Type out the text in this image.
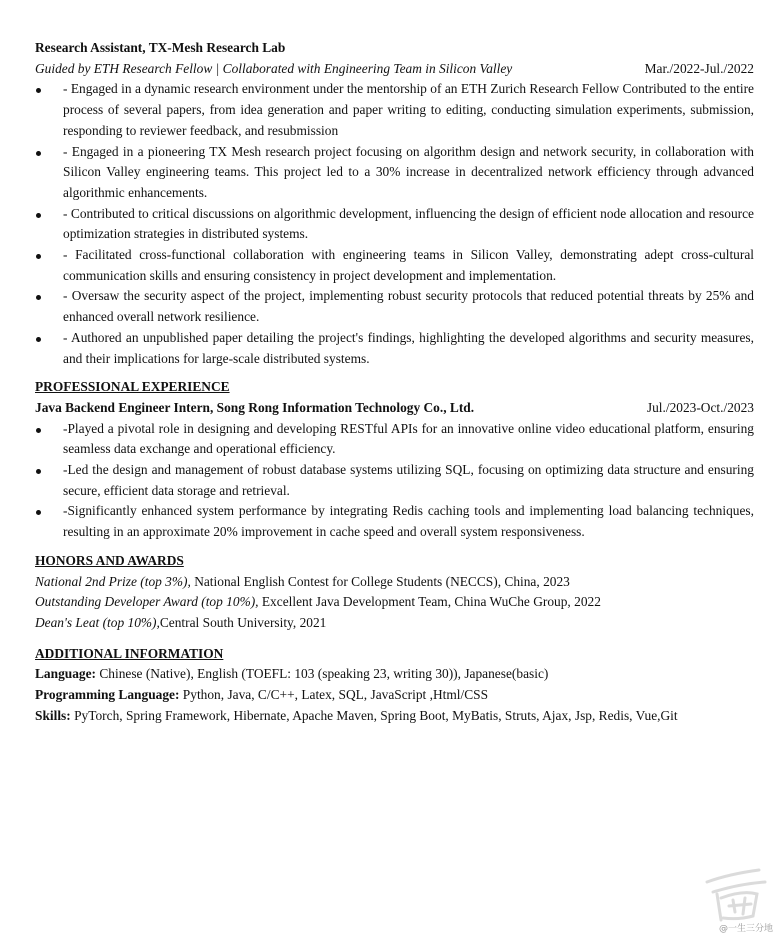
Research Assistant, TX-Mesh Research Lab
Guided by ETH Research Fellow | Collaborated with Engineering Team in Silicon Valley	Mar./2022-Jul./2022
- Engaged in a dynamic research environment under the mentorship of an ETH Zurich Research Fellow Contributed to the entire process of several papers, from idea generation and paper writing to editing, conducting simulation experiments, submission, responding to reviewer feedback, and resubmission
- Engaged in a pioneering TX Mesh research project focusing on algorithm design and network security, in collaboration with Silicon Valley engineering teams. This project led to a 30% increase in decentralized network efficiency through advanced algorithmic enhancements.
- Contributed to critical discussions on algorithmic development, influencing the design of efficient node allocation and resource optimization strategies in distributed systems.
- Facilitated cross-functional collaboration with engineering teams in Silicon Valley, demonstrating adept cross-cultural communication skills and ensuring consistency in project development and implementation.
- Oversaw the security aspect of the project, implementing robust security protocols that reduced potential threats by 25% and enhanced overall network resilience.
- Authored an unpublished paper detailing the project's findings, highlighting the developed algorithms and security measures, and their implications for large-scale distributed systems.
PROFESSIONAL EXPERIENCE
Java Backend Engineer Intern, Song Rong Information Technology Co., Ltd.	Jul./2023-Oct./2023
-Played a pivotal role in designing and developing RESTful APIs for an innovative online video educational platform, ensuring seamless data exchange and operational efficiency.
-Led the design and management of robust database systems utilizing SQL, focusing on optimizing data structure and ensuring secure, efficient data storage and retrieval.
-Significantly enhanced system performance by integrating Redis caching tools and implementing load balancing techniques, resulting in an approximate 20% improvement in cache speed and overall system responsiveness.
HONORS AND AWARDS
National 2nd Prize (top 3%), National English Contest for College Students (NECCS), China, 2023
Outstanding Developer Award (top 10%), Excellent Java Development Team, China WuChe Group, 2022
Dean's Leat (top 10%),Central South University, 2021
ADDITIONAL INFORMATION
Language: Chinese (Native), English (TOEFL: 103 (speaking 23, writing 30)), Japanese(basic)
Programming Language: Python, Java, C/C++, Latex, SQL, JavaScript ,Html/CSS
Skills: PyTorch, Spring Framework, Hibernate, Apache Maven, Spring Boot, MyBatis, Struts, Ajax, Jsp, Redis, Vue,Git
@一生三分地
